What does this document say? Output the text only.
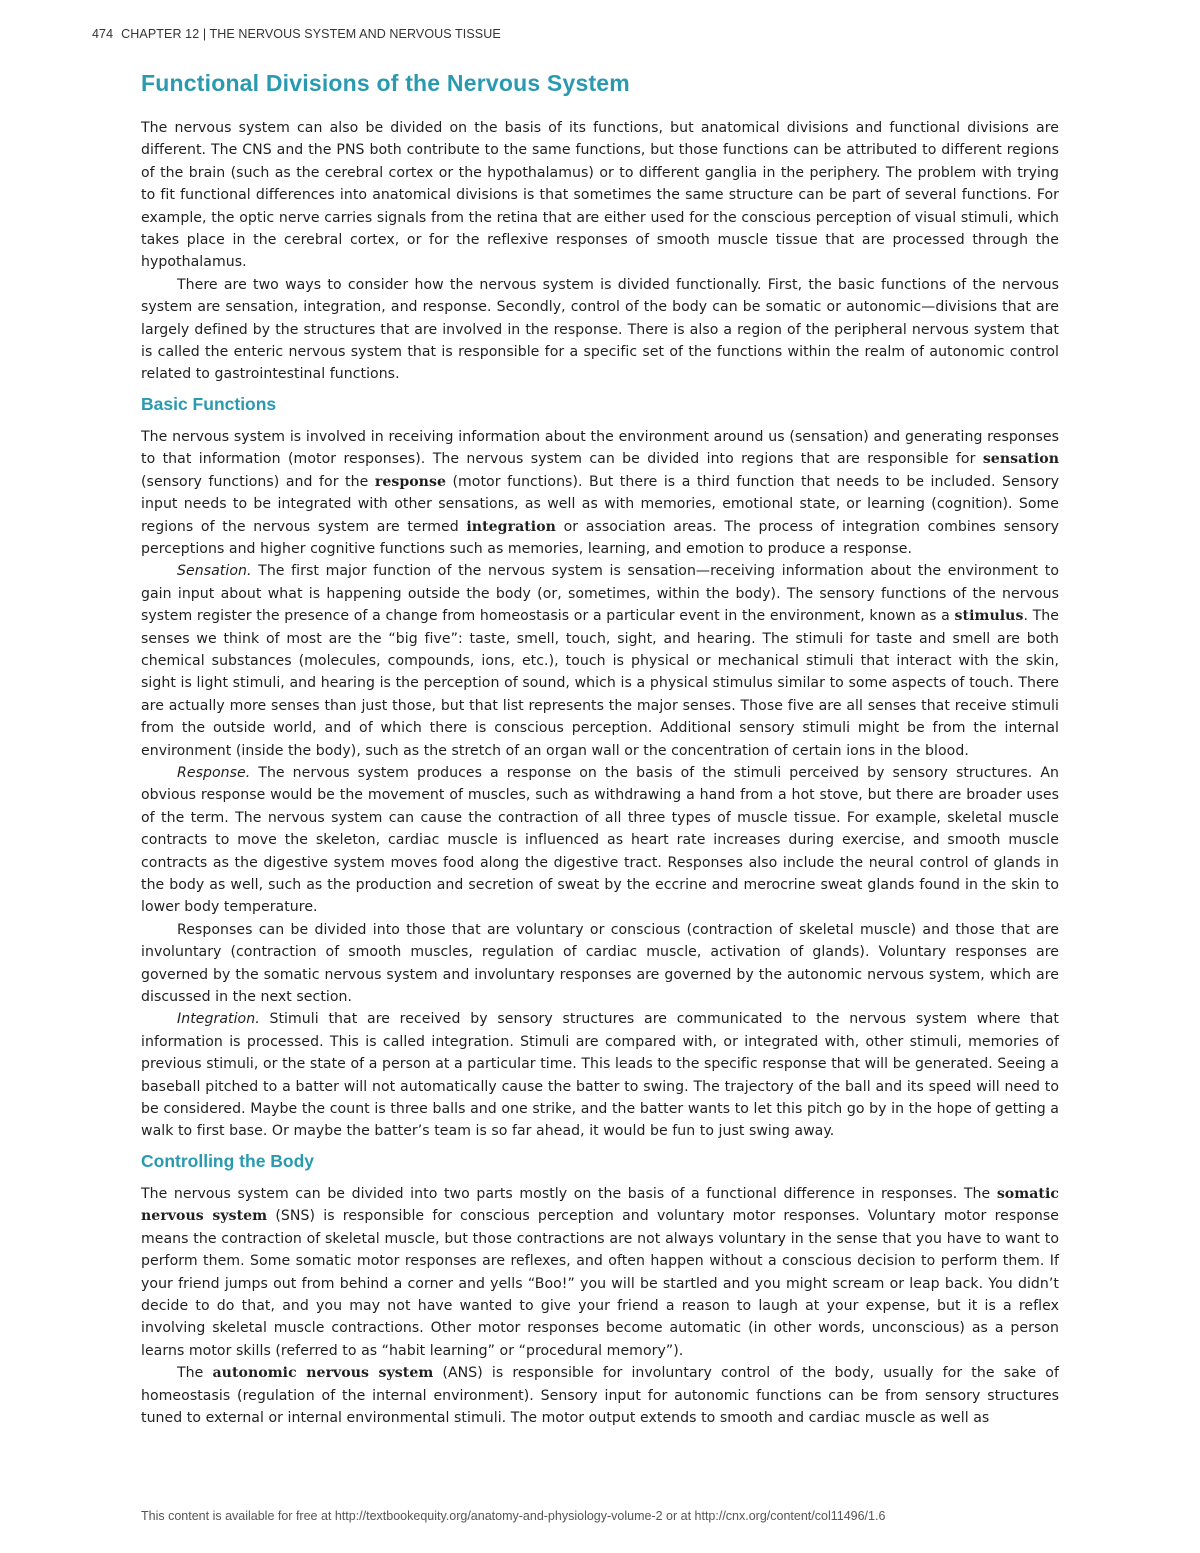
474 CHAPTER 12 | THE NERVOUS SYSTEM AND NERVOUS TISSUE
Functional Divisions of the Nervous System

The nervous system can also be divided on the basis of its functions, but anatomical divisions and functional divisions are different. The CNS and the PNS both contribute to the same functions, but those functions can be attributed to different regions of the brain (such as the cerebral cortex or the hypothalamus) or to different ganglia in the periphery. The problem with trying to fit functional differences into anatomical divisions is that sometimes the same structure can be part of several functions. For example, the optic nerve carries signals from the retina that are either used for the conscious perception of visual stimuli, which takes place in the cerebral cortex, or for the reflexive responses of smooth muscle tissue that are processed through the hypothalamus.

There are two ways to consider how the nervous system is divided functionally. First, the basic functions of the nervous system are sensation, integration, and response. Secondly, control of the body can be somatic or autonomic—divisions that are largely defined by the structures that are involved in the response. There is also a region of the peripheral nervous system that is called the enteric nervous system that is responsible for a specific set of the functions within the realm of autonomic control related to gastrointestinal functions.

Basic Functions

The nervous system is involved in receiving information about the environment around us (sensation) and generating responses to that information (motor responses). The nervous system can be divided into regions that are responsible for sensation (sensory functions) and for the response (motor functions). But there is a third function that needs to be included. Sensory input needs to be integrated with other sensations, as well as with memories, emotional state, or learning (cognition). Some regions of the nervous system are termed integration or association areas. The process of integration combines sensory perceptions and higher cognitive functions such as memories, learning, and emotion to produce a response.

Sensation. The first major function of the nervous system is sensation—receiving information about the environment to gain input about what is happening outside the body (or, sometimes, within the body). The sensory functions of the nervous system register the presence of a change from homeostasis or a particular event in the environment, known as a stimulus. The senses we think of most are the “big five”: taste, smell, touch, sight, and hearing. The stimuli for taste and smell are both chemical substances (molecules, compounds, ions, etc.), touch is physical or mechanical stimuli that interact with the skin, sight is light stimuli, and hearing is the perception of sound, which is a physical stimulus similar to some aspects of touch. There are actually more senses than just those, but that list represents the major senses. Those five are all senses that receive stimuli from the outside world, and of which there is conscious perception. Additional sensory stimuli might be from the internal environment (inside the body), such as the stretch of an organ wall or the concentration of certain ions in the blood.

Response. The nervous system produces a response on the basis of the stimuli perceived by sensory structures. An obvious response would be the movement of muscles, such as withdrawing a hand from a hot stove, but there are broader uses of the term. The nervous system can cause the contraction of all three types of muscle tissue. For example, skeletal muscle contracts to move the skeleton, cardiac muscle is influenced as heart rate increases during exercise, and smooth muscle contracts as the digestive system moves food along the digestive tract. Responses also include the neural control of glands in the body as well, such as the production and secretion of sweat by the eccrine and merocrine sweat glands found in the skin to lower body temperature.

Responses can be divided into those that are voluntary or conscious (contraction of skeletal muscle) and those that are involuntary (contraction of smooth muscles, regulation of cardiac muscle, activation of glands). Voluntary responses are governed by the somatic nervous system and involuntary responses are governed by the autonomic nervous system, which are discussed in the next section.

Integration. Stimuli that are received by sensory structures are communicated to the nervous system where that information is processed. This is called integration. Stimuli are compared with, or integrated with, other stimuli, memories of previous stimuli, or the state of a person at a particular time. This leads to the specific response that will be generated. Seeing a baseball pitched to a batter will not automatically cause the batter to swing. The trajectory of the ball and its speed will need to be considered. Maybe the count is three balls and one strike, and the batter wants to let this pitch go by in the hope of getting a walk to first base. Or maybe the batter’s team is so far ahead, it would be fun to just swing away.

Controlling the Body

The nervous system can be divided into two parts mostly on the basis of a functional difference in responses. The somatic nervous system (SNS) is responsible for conscious perception and voluntary motor responses. Voluntary motor response means the contraction of skeletal muscle, but those contractions are not always voluntary in the sense that you have to want to perform them. Some somatic motor responses are reflexes, and often happen without a conscious decision to perform them. If your friend jumps out from behind a corner and yells “Boo!” you will be startled and you might scream or leap back. You didn’t decide to do that, and you may not have wanted to give your friend a reason to laugh at your expense, but it is a reflex involving skeletal muscle contractions. Other motor responses become automatic (in other words, unconscious) as a person learns motor skills (referred to as “habit learning” or “procedural memory”).

The autonomic nervous system (ANS) is responsible for involuntary control of the body, usually for the sake of homeostasis (regulation of the internal environment). Sensory input for autonomic functions can be from sensory structures tuned to external or internal environmental stimuli. The motor output extends to smooth and cardiac muscle as well as

This content is available for free at http://textbookequity.org/anatomy-and-physiology-volume-2 or at http://cnx.org/content/col11496/1.6
